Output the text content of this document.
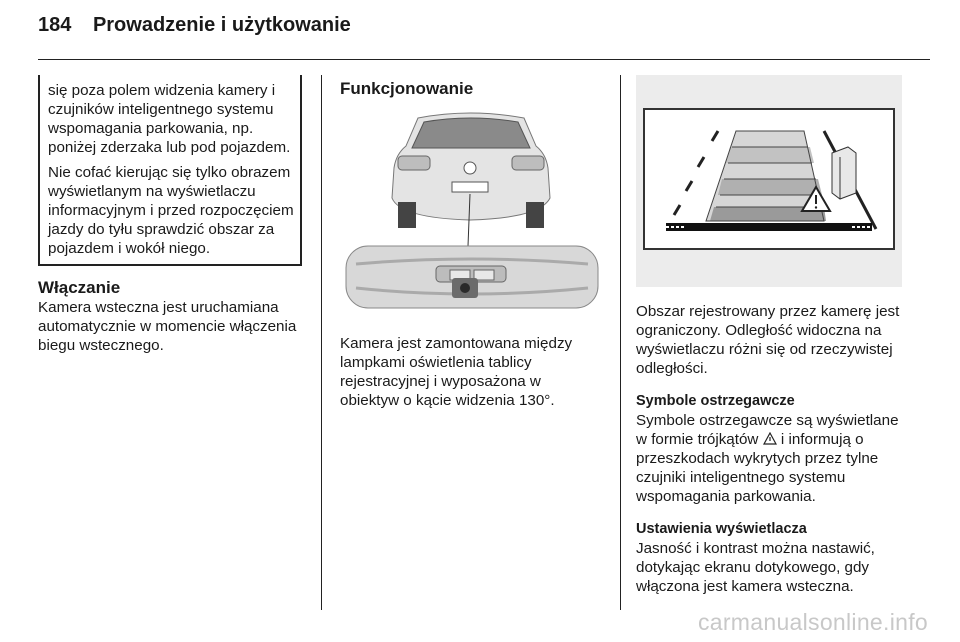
184 Prowadzenie i użytkowanie

się poza polem widzenia kamery i czujników inteligentnego systemu wspomagania parkowania, np. poniżej zderzaka lub pod pojazdem.

Nie cofać kierując się tylko obrazem wyświetlanym na wyświetlaczu informacyjnym i przed rozpoczęciem jazdy do tyłu sprawdzić obszar za pojazdem i wokół niego.

Włączanie

Kamera wsteczna jest uruchamiana automatycznie w momencie włączenia biegu wstecznego.

Funkcjonowanie

Kamera jest zamontowana między lampkami oświetlenia tablicy rejestracyjnej i wyposażona w obiektyw o kącie widzenia 130°.

Obszar rejestrowany przez kamerę jest ograniczony. Odległość widoczna na wyświetlaczu różni się od rzeczywistej odległości.

Symbole ostrzegawcze

Symbole ostrzegawcze są wyświetlane w formie trójkątów i informują o przeszkodach wykrytych przez tylne czujniki inteligentnego systemu wspomagania parkowania.

Ustawienia wyświetlacza

Jasność i kontrast można nastawić, dotykając ekranu dotykowego, gdy włączona jest kamera wsteczna.

carmanualsonline.info
